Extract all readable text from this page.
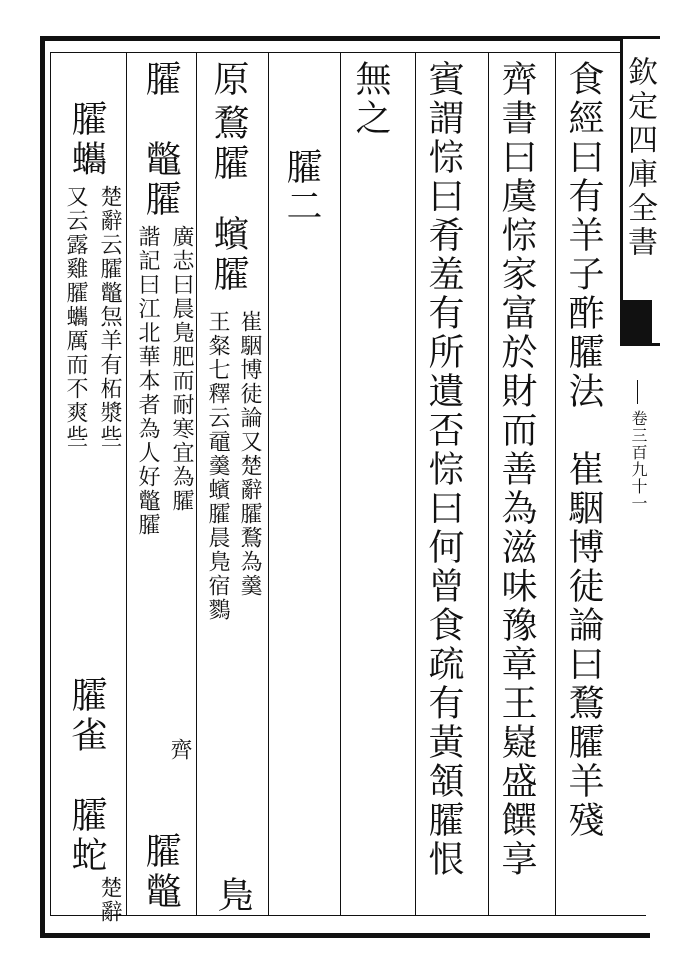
欽定四庫全書
卷三百九十一
食經曰有羊子酢臛法　崔駰博徒論曰鶩臛羊殘
齊書曰虞悰家富於財而善為滋味豫章王嶷盛饌享
賓謂悰曰肴羞有所遺否悰曰何曾食疏有黃頷臛恨
無之
臛二
原
鶩臛
蠙臛
崔駰博徒論又楚辭臛鶩為羹
王粲七釋云黿羹蠙臛晨鳬宿鷚
鳬
臛
鼈臛
廣志曰晨鳬肥而耐寒宜為臛
諧記曰江北華本者為人好鼈臛
齊
臛鼈
臛蠵
楚辭云臛鼈炰羊有柘漿些
又云露雞臛蠵厲而不爽些
臛雀
臛蛇
楚辭
